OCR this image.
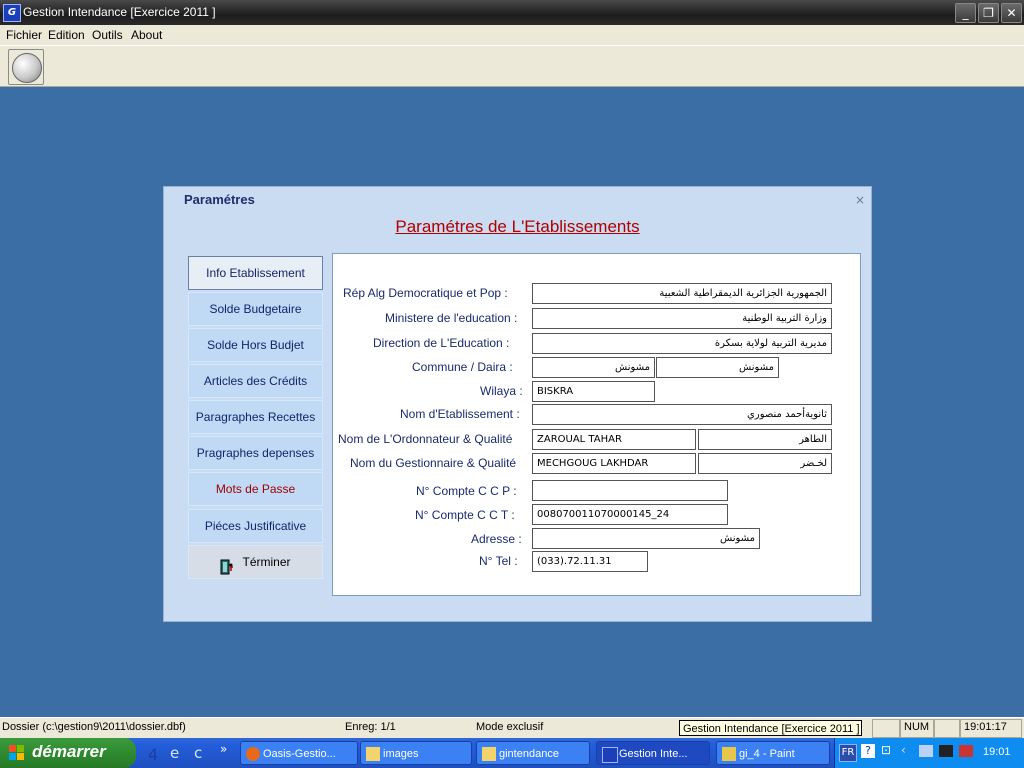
G Gestion Intendance [Exercice 2011 ]	_	❐	✕
Fichier Edition Outils About
Paramétres	×
Paramétres de L'Etablissements
Info Etablissement
Solde Budgetaire
Solde Hors Budjet
Articles des Crédits
Paragraphes Recettes
Pragraphes depenses
Mots de Passe
Piéces Justificative
Términer
Rép Alg Democratique et Pop :	الجمهورية الجزائرية الديمقراطية الشعبية
Ministere de l'education :	وزارة التربية الوطنية
Direction de L'Education :	مديرية التربية لولاية بسكرة
Commune / Daira :	مشونش	مشونش
Wilaya :	BISKRA
Nom d'Etablissement :	ثانويةأحمد منصوري
Nom de L'Ordonnateur & Qualité	ZAROUAL TAHAR	الطاهر
Nom du Gestionnaire & Qualité	MECHGOUG LAKHDAR	لخـضر
N° Compte C C P :
N° Compte C C T :	008070011070000145_24
Adresse :	مشونش
N° Tel :	(033).72.11.31
Dossier (c:\gestion9\2011\dossier.dbf)	Enreg: 1/1	Mode exclusif	NUM	19:01:17
Gestion Intendance [Exercice 2011 ]
démarrer	4 e c »	Oasis-Gestio...	images	gintendance	Gestion Inte...	gi_4 - Paint	FR ? ⊡ ‹	19:01
